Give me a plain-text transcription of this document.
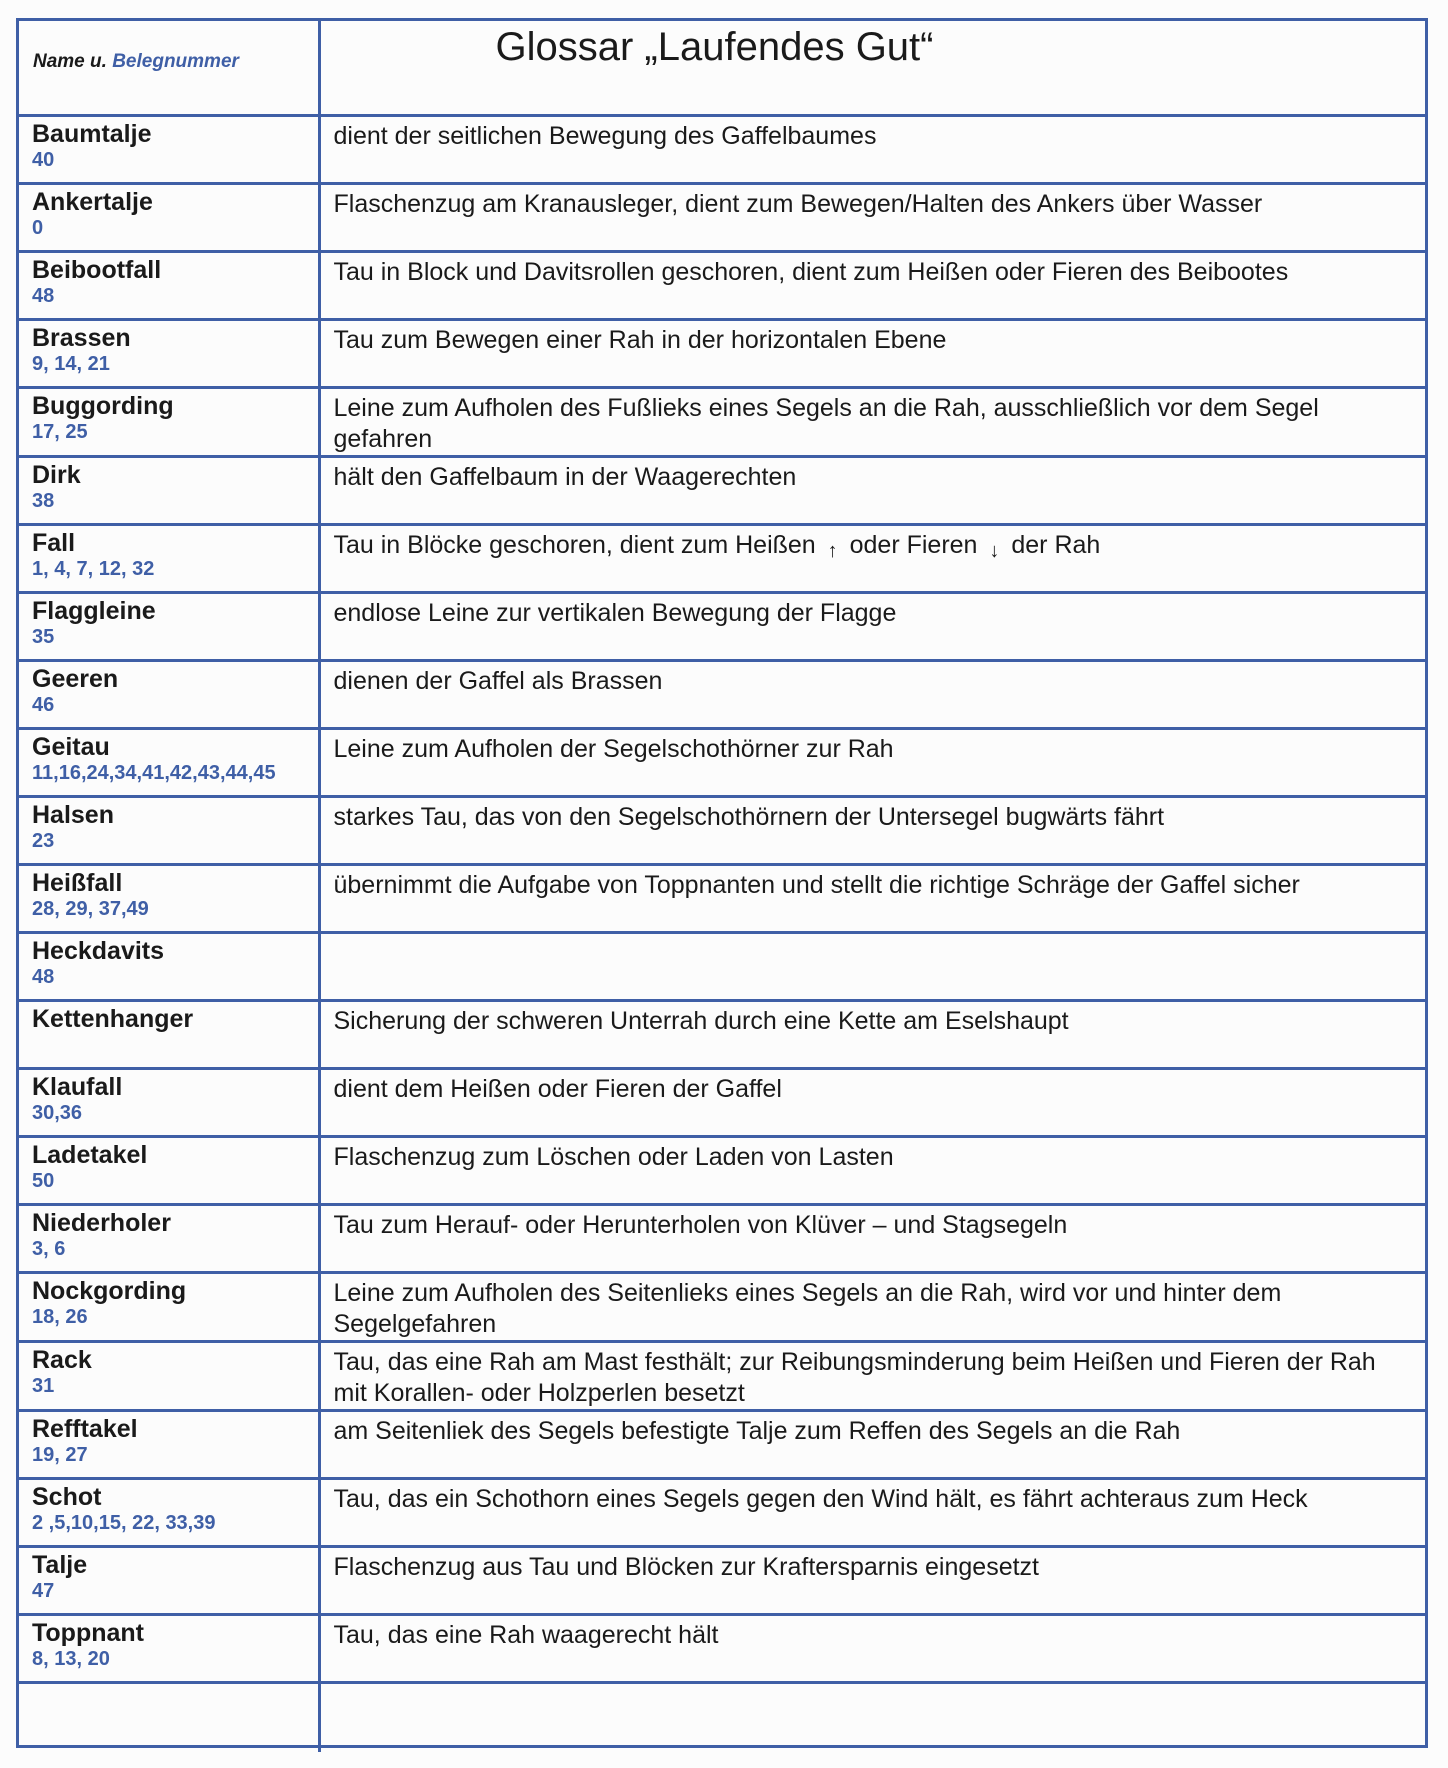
Name u. Belegnummer	Glossar „Laufendes Gut“

Baumtalje
40	dient der seitlichen Bewegung des Gaffelbaumes

Ankertalje
0	Flaschenzug am Kranausleger, dient zum Bewegen/Halten des Ankers über Wasser

Beibootfall
48	Tau in Block und Davitsrollen geschoren, dient zum Heißen oder Fieren des Beibootes

Brassen
9, 14, 21	Tau zum Bewegen einer Rah in der horizontalen Ebene

Buggording
17, 25	Leine zum Aufholen des Fußlieks eines Segels an die Rah, ausschließlich vor dem Segel gefahren

Dirk
38	hält den Gaffelbaum in der Waagerechten

Fall
1, 4, 7, 12, 32	Tau in Blöcke geschoren, dient zum Heißen ↑ oder Fieren ↓ der Rah

Flaggleine
35	endlose Leine zur vertikalen Bewegung der Flagge

Geeren
46	dienen der Gaffel als Brassen

Geitau
11,16,24,34,41,42,43,44,45	Leine zum Aufholen der Segelschothörner zur Rah

Halsen
23	starkes Tau, das von den Segelschothörnern der Untersegel bugwärts fährt

Heißfall
28, 29, 37,49	übernimmt die Aufgabe von Toppnanten und stellt die richtige Schräge der Gaffel sicher

Heckdavits
48	

Kettenhanger	Sicherung der schweren Unterrah durch eine Kette am Eselshaupt

Klaufall
30,36	dient dem Heißen oder Fieren der Gaffel

Ladetakel
50	Flaschenzug zum Löschen oder Laden von Lasten

Niederholer
3, 6	Tau zum Herauf- oder Herunterholen von Klüver – und Stagsegeln

Nockgording
18, 26	Leine zum Aufholen des Seitenlieks eines Segels an die Rah, wird vor und hinter dem Segelgefahren

Rack
31	Tau, das eine Rah am Mast festhält; zur Reibungsminderung beim Heißen und Fieren der Rah mit Korallen- oder Holzperlen besetzt

Refftakel
19, 27	am Seitenliek des Segels befestigte Talje zum Reffen des Segels an die Rah

Schot
2 ,5,10,15, 22, 33,39	Tau, das ein Schothorn eines Segels gegen den Wind hält, es fährt achteraus zum Heck

Talje
47	Flaschenzug aus Tau und Blöcken zur Kraftersparnis eingesetzt

Toppnant
8, 13, 20	Tau, das eine Rah waagerecht hält
